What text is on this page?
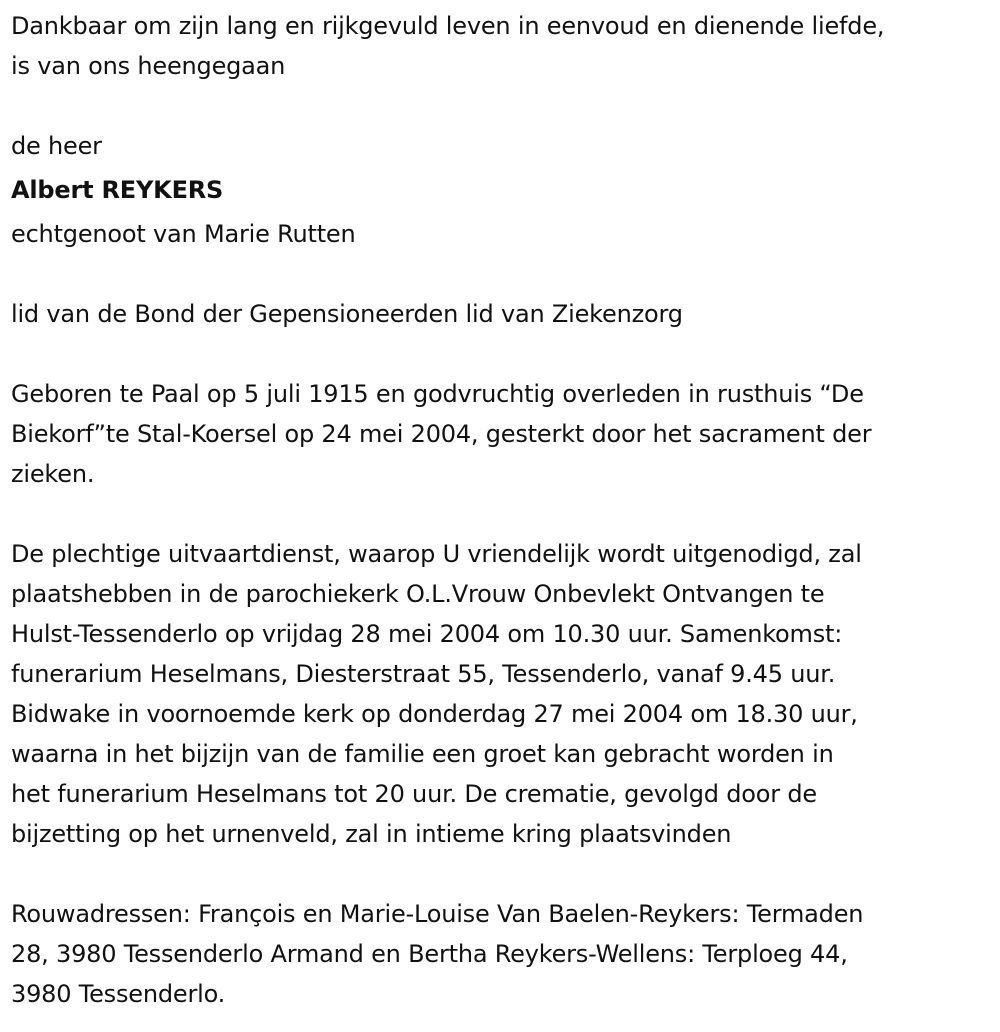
Dankbaar om zijn lang en rijkgevuld leven in eenvoud en dienende liefde,
is van ons heengegaan
de heer
Albert REYKERS
echtgenoot van Marie Rutten
lid van de Bond der Gepensioneerden lid van Ziekenzorg
Geboren te Paal op 5 juli 1915 en godvruchtig overleden in rusthuis “De
Biekorf”te Stal-Koersel op 24 mei 2004, gesterkt door het sacrament der
zieken.
De plechtige uitvaartdienst, waarop U vriendelijk wordt uitgenodigd, zal
plaatshebben in de parochiekerk O.L.Vrouw Onbevlekt Ontvangen te
Hulst-Tessenderlo op vrijdag 28 mei 2004 om 10.30 uur. Samenkomst:
funerarium Heselmans, Diesterstraat 55, Tessenderlo, vanaf 9.45 uur.
Bidwake in voornoemde kerk op donderdag 27 mei 2004 om 18.30 uur,
waarna in het bijzijn van de familie een groet kan gebracht worden in
het funerarium Heselmans tot 20 uur. De crematie, gevolgd door de
bijzetting op het urnenveld, zal in intieme kring plaatsvinden
Rouwadressen: François en Marie-Louise Van Baelen-Reykers: Termaden
28, 3980 Tessenderlo Armand en Bertha Reykers-Wellens: Terploeg 44,
3980 Tessenderlo.
